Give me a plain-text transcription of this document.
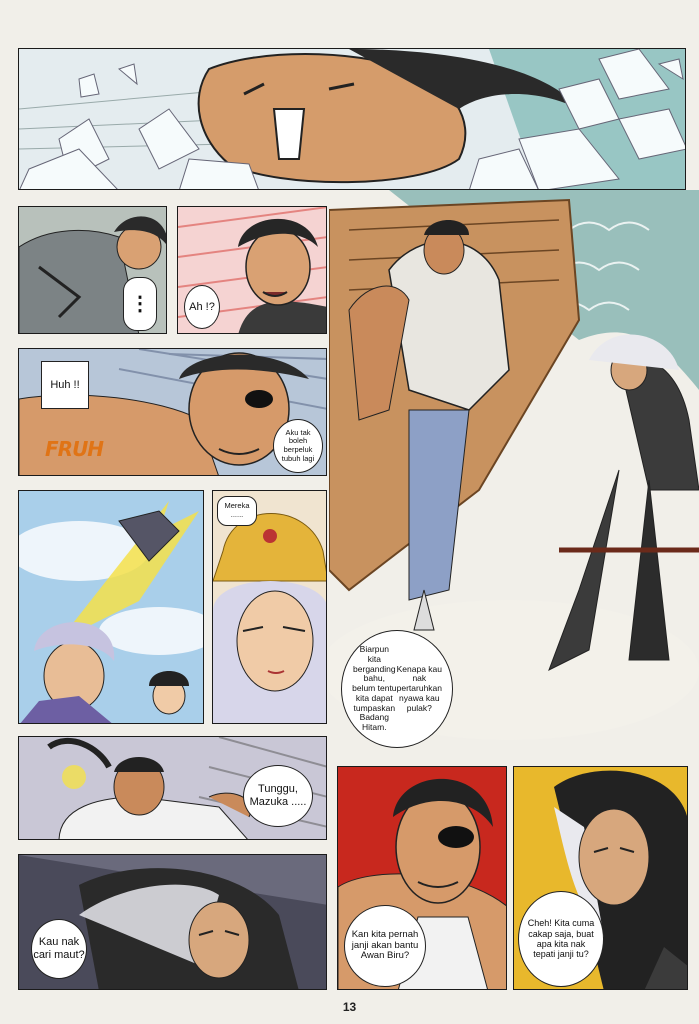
⋮	Ah !?
Huh !!
FRUH
Aku tak boleh berpeluk tubuh lagi
Mereka ......
Biarpun kita berganding bahu, belum tentu kita dapat tumpaskan Badang Hitam.
Kenapa kau nak pertaruhkan nyawa kau pulak?
Tunggu, Mazuka .....
Kau nak cari maut?
Kan kita pernah janji akan bantu Awan Biru?
Cheh! Kita cuma cakap saja, buat apa kita nak tepati janji tu?
13
